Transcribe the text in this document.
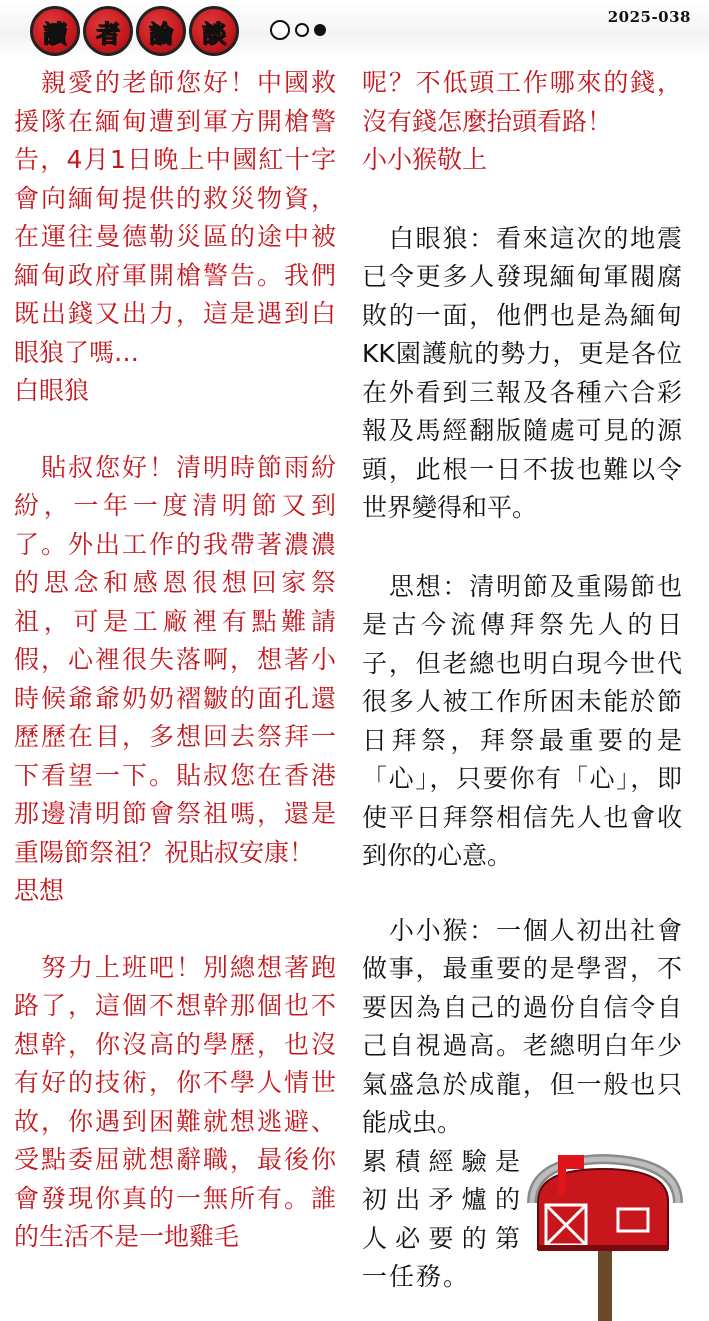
讀	者	論	談
2025-038

　親愛的老師您好！中國救援隊在緬甸遭到軍方開槍警告，4月1日晚上中國紅十字會向緬甸提供的救災物資，在運往曼德勒災區的途中被緬甸政府軍開槍警告。我們既出錢又出力，這是遇到白眼狼了嗎…

白眼狼

　貼叔您好！清明時節雨紛紛，一年一度清明節又到了。外出工作的我帶著濃濃的思念和感恩很想回家祭祖，可是工廠裡有點難請假，心裡很失落啊，想著小時候爺爺奶奶褶皺的面孔還歷歷在目，多想回去祭拜一下看望一下。貼叔您在香港那邊清明節會祭祖嗎，還是重陽節祭祖？祝貼叔安康！

思想

　努力上班吧！別總想著跑路了，這個不想幹那個也不想幹，你沒高的學歷，也沒有好的技術，你不學人情世故，你遇到困難就想逃避、受點委屈就想辭職，最後你會發現你真的一無所有。誰的生活不是一地雞毛

呢？不低頭工作哪來的錢，沒有錢怎麼抬頭看路！

小小猴敬上

　白眼狼：看來這次的地震已令更多人發現緬甸軍閥腐敗的一面，他們也是為緬甸KK園護航的勢力，更是各位在外看到三報及各種六合彩報及馬經翻版隨處可見的源頭，此根一日不拔也難以令世界變得和平。

　思想：清明節及重陽節也是古今流傳拜祭先人的日子，但老總也明白現今世代很多人被工作所困未能於節日拜祭，拜祭最重要的是「心」，只要你有「心」，即使平日拜祭相信先人也會收到你的心意。

　小小猴：一個人初出社會做事，最重要的是學習，不要因為自己的過份自信令自己自視過高。老總明白年少氣盛急於成龍，但一般也只能成虫。

累積經驗是初出矛爐的人必要的第一任務。
